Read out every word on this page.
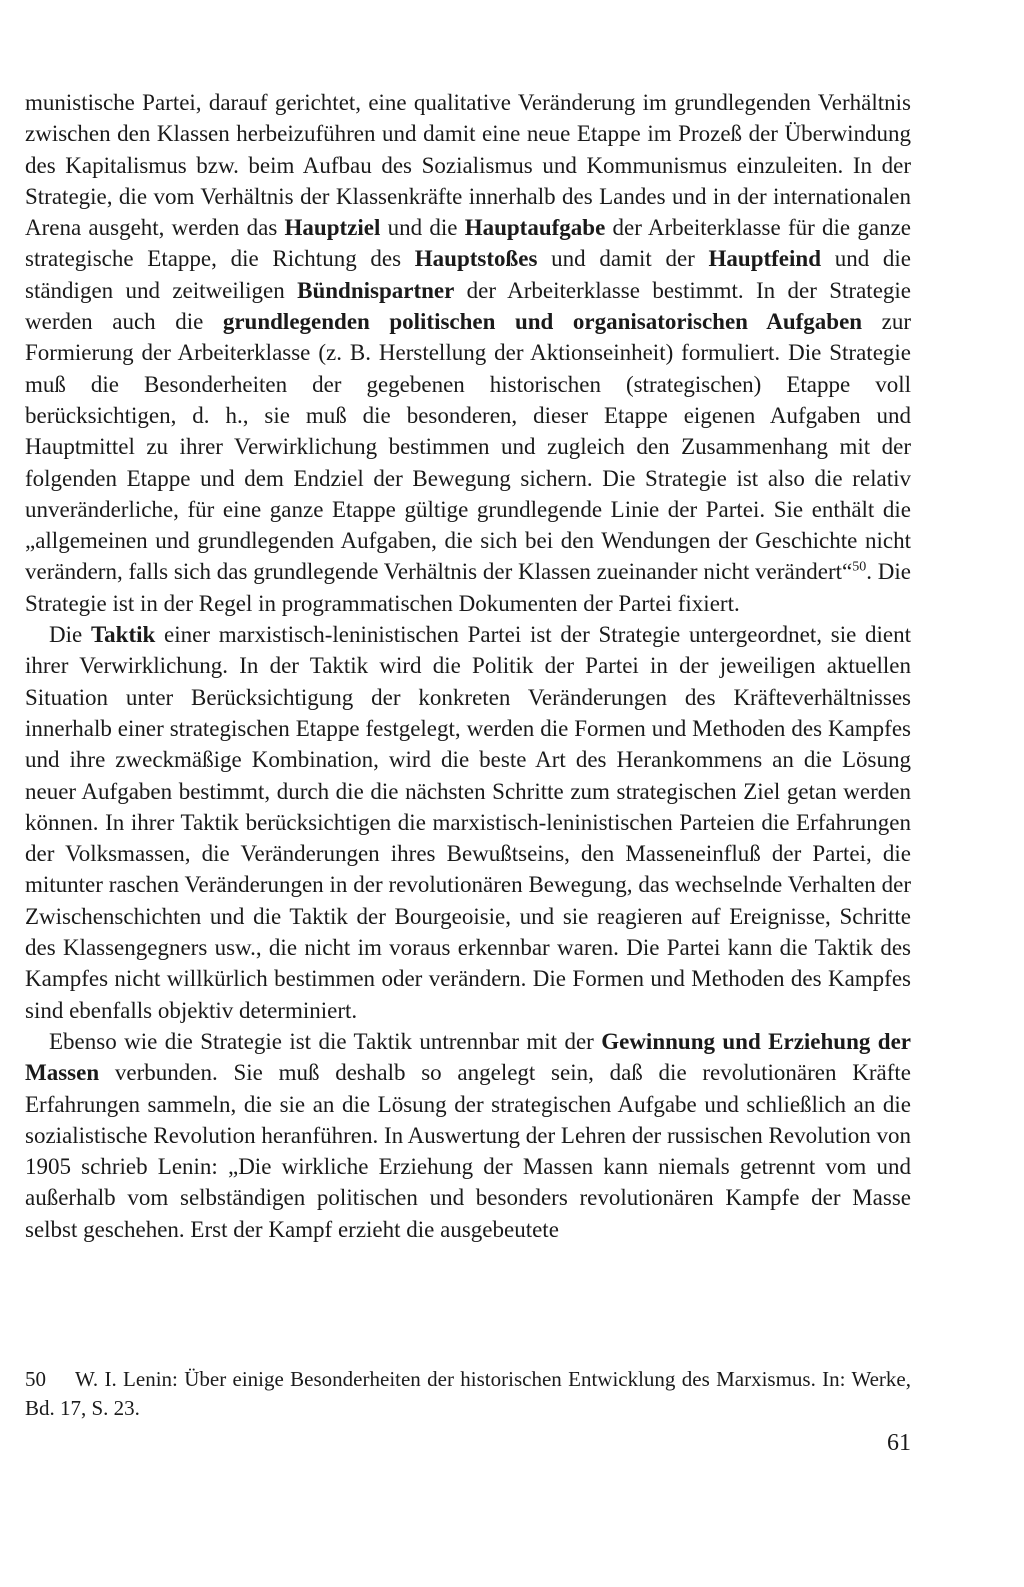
munistische Partei, darauf gerichtet, eine qualitative Veränderung im grundlegenden Verhältnis zwischen den Klassen herbeizuführen und damit eine neue Etappe im Prozeß der Überwindung des Kapitalismus bzw. beim Aufbau des Sozialismus und Kommunismus einzuleiten. In der Strategie, die vom Verhältnis der Klassenkräfte innerhalb des Landes und in der internationalen Arena ausgeht, werden das Hauptziel und die Hauptaufgabe der Arbeiterklasse für die ganze strategische Etappe, die Richtung des Hauptstoßes und damit der Hauptfeind und die ständigen und zeitweiligen Bündnispartner der Arbeiterklasse bestimmt. In der Strategie werden auch die grundlegenden politischen und organisatorischen Aufgaben zur Formierung der Arbeiterklasse (z. B. Herstellung der Aktionseinheit) formuliert. Die Strategie muß die Besonderheiten der gegebenen historischen (strategischen) Etappe voll berücksichtigen, d. h., sie muß die besonderen, dieser Etappe eigenen Aufgaben und Hauptmittel zu ihrer Verwirklichung bestimmen und zugleich den Zusammenhang mit der folgenden Etappe und dem Endziel der Bewegung sichern. Die Strategie ist also die relativ unveränderliche, für eine ganze Etappe gültige grundlegende Linie der Partei. Sie enthält die „allgemeinen und grundlegenden Aufgaben, die sich bei den Wendungen der Geschichte nicht verändern, falls sich das grundlegende Verhältnis der Klassen zueinander nicht verändert“$^{50}$. Die Strategie ist in der Regel in programmatischen Dokumenten der Partei fixiert.

Die Taktik einer marxistisch-leninistischen Partei ist der Strategie untergeordnet, sie dient ihrer Verwirklichung. In der Taktik wird die Politik der Partei in der jeweiligen aktuellen Situation unter Berücksichtigung der konkreten Veränderungen des Kräfteverhältnisses innerhalb einer strategischen Etappe festgelegt, werden die Formen und Methoden des Kampfes und ihre zweckmäßige Kombination, wird die beste Art des Herankommens an die Lösung neuer Aufgaben bestimmt, durch die die nächsten Schritte zum strategischen Ziel getan werden können. In ihrer Taktik berücksichtigen die marxistisch-leninistischen Parteien die Erfahrungen der Volksmassen, die Veränderungen ihres Bewußtseins, den Masseneinfluß der Partei, die mitunter raschen Veränderungen in der revolutionären Bewegung, das wechselnde Verhalten der Zwischenschichten und die Taktik der Bourgeoisie, und sie reagieren auf Ereignisse, Schritte des Klassengegners usw., die nicht im voraus erkennbar waren. Die Partei kann die Taktik des Kampfes nicht willkürlich bestimmen oder verändern. Die Formen und Methoden des Kampfes sind ebenfalls objektiv determiniert.

Ebenso wie die Strategie ist die Taktik untrennbar mit der Gewinnung und Erziehung der Massen verbunden. Sie muß deshalb so angelegt sein, daß die revolutionären Kräfte Erfahrungen sammeln, die sie an die Lösung der strategischen Aufgabe und schließlich an die sozialistische Revolution heranführen. In Auswertung der Lehren der russischen Revolution von 1905 schrieb Lenin: „Die wirkliche Erziehung der Massen kann niemals getrennt vom und außerhalb vom selbständigen politischen und besonders revolutionären Kampfe der Masse selbst geschehen. Erst der Kampf erzieht die ausgebeutete

50 W. I. Lenin: Über einige Besonderheiten der historischen Entwicklung des Marxismus. In: Werke, Bd. 17, S. 23.
61
